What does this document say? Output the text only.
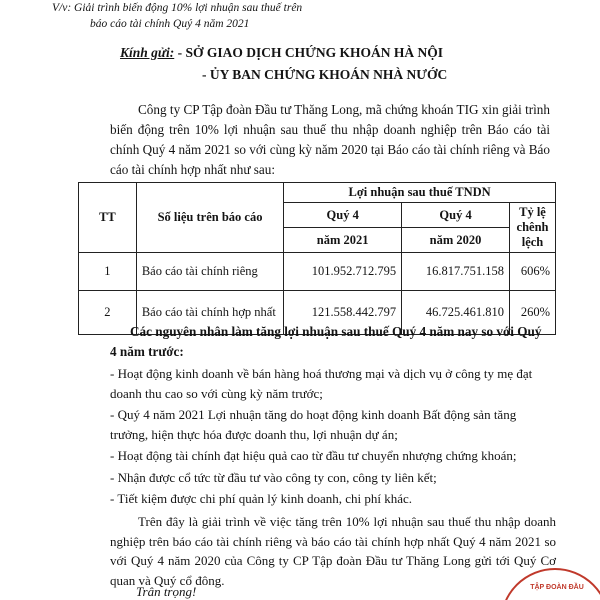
V/v: Giải trình biến động 10% lợi nhuận sau thuế trên
báo cáo tài chính Quý 4 năm 2021
Kính gửi: - SỞ GIAO DỊCH CHỨNG KHOÁN HÀ NỘI
- ỦY BAN CHỨNG KHOÁN NHÀ NƯỚC
Công ty CP Tập đoàn Đầu tư Thăng Long, mã chứng khoán TIG xin giải trình biến động trên 10% lợi nhuận sau thuế thu nhập doanh nghiệp trên Báo cáo tài chính Quý 4 năm 2021 so với cùng kỳ năm 2020 tại Báo cáo tài chính riêng và Báo cáo tài chính hợp nhất như sau:
TT	Số liệu trên báo cáo	Lợi nhuận sau thuế TNDN		
		Quý 4	Quý 4	Tỷ lệ chênh lệch
		năm 2021	năm 2020	
1	Báo cáo tài chính riêng	101.952.712.795	16.817.751.158	606%
2	Báo cáo tài chính hợp nhất	121.558.442.797	46.725.461.810	260%
Các nguyên nhân làm tăng lợi nhuận sau thuế Quý 4 năm nay so với Quý 4 năm trước:
- Hoạt động kinh doanh về bán hàng hoá thương mại và dịch vụ ở công ty mẹ đạt doanh thu cao so với cùng kỳ năm trước;
- Quý 4 năm 2021 Lợi nhuận tăng do hoạt động kinh doanh Bất động sản tăng trưởng, hiện thực hóa được doanh thu, lợi nhuận dự án;
- Hoạt động tài chính đạt hiệu quả cao từ đầu tư chuyển nhượng chứng khoán;
- Nhận được cổ tức từ đầu tư vào công ty con, công ty liên kết;
- Tiết kiệm được chi phí quản lý kinh doanh, chi phí khác.
Trên đây là giải trình về việc tăng trên 10% lợi nhuận sau thuế thu nhập doanh nghiệp trên báo cáo tài chính riêng và báo cáo tài chính hợp nhất Quý 4 năm 2021 so với Quý 4 năm 2020 của Công ty CP Tập đoàn Đầu tư Thăng Long gửi tới Quý Cơ quan và Quý cổ đông.
Trân trọng!	TẬP ĐOÀN ĐẦU
